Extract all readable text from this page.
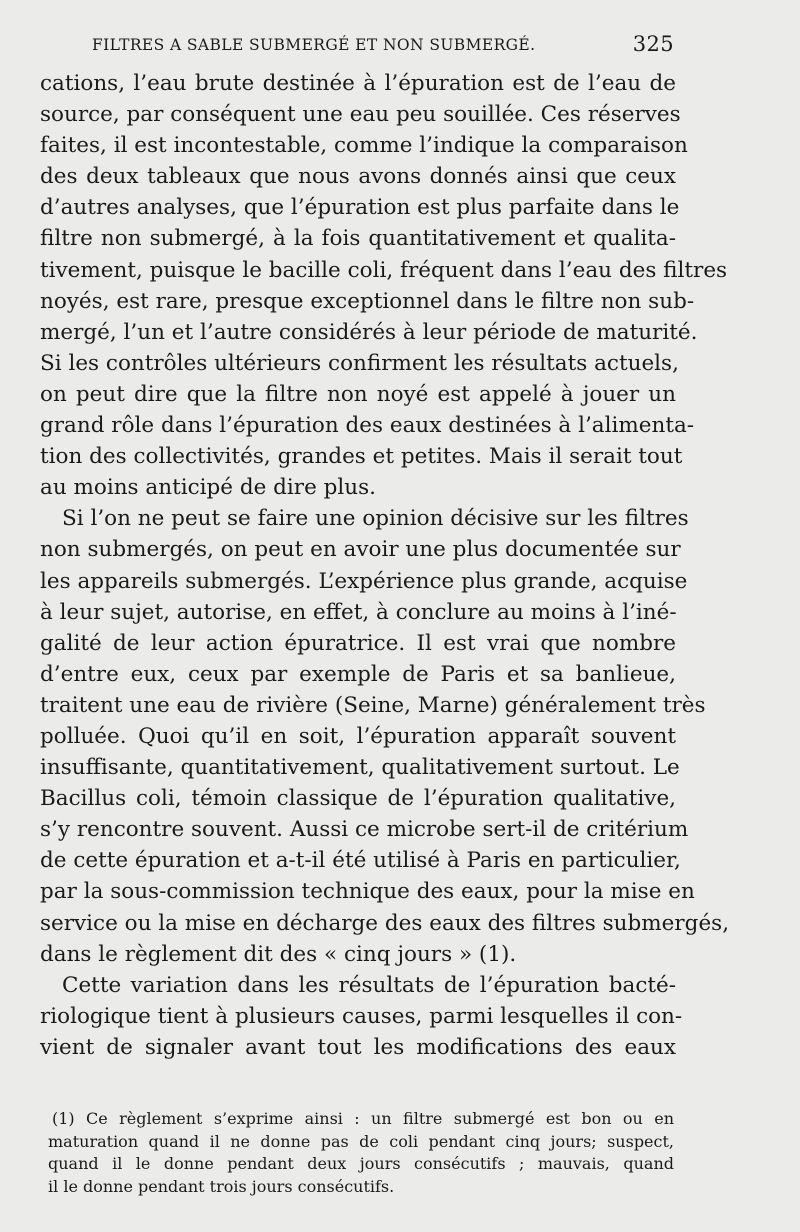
FILTRES A SABLE SUBMERGÉ ET NON SUBMERGÉ.	325
cations, l’eau brute destinée à l’épuration est de l’eau de
source, par conséquent une eau peu souillée. Ces réserves
faites, il est incontestable, comme l’indique la comparaison
des deux tableaux que nous avons donnés ainsi que ceux
d’autres analyses, que l’épuration est plus parfaite dans le
filtre non submergé, à la fois quantitativement et qualita-
tivement, puisque le bacille coli, fréquent dans l’eau des filtres
noyés, est rare, presque exceptionnel dans le filtre non sub-
mergé, l’un et l’autre considérés à leur période de maturité.
Si les contrôles ultérieurs confirment les résultats actuels,
on peut dire que la filtre non noyé est appelé à jouer un
grand rôle dans l’épuration des eaux destinées à l’alimenta-
tion des collectivités, grandes et petites. Mais il serait tout
au moins anticipé de dire plus.
Si l’on ne peut se faire une opinion décisive sur les filtres
non submergés, on peut en avoir une plus documentée sur
les appareils submergés. L’expérience plus grande, acquise
à leur sujet, autorise, en effet, à conclure au moins à l’iné-
galité de leur action épuratrice. Il est vrai que nombre
d’entre eux, ceux par exemple de Paris et sa banlieue,
traitent une eau de rivière (Seine, Marne) généralement très
polluée. Quoi qu’il en soit, l’épuration apparaît souvent
insuffisante, quantitativement, qualitativement surtout. Le
Bacillus coli, témoin classique de l’épuration qualitative,
s’y rencontre souvent. Aussi ce microbe sert-il de critérium
de cette épuration et a-t-il été utilisé à Paris en particulier,
par la sous-commission technique des eaux, pour la mise en
service ou la mise en décharge des eaux des filtres submergés,
dans le règlement dit des « cinq jours » (1).
Cette variation dans les résultats de l’épuration bacté-
riologique tient à plusieurs causes, parmi lesquelles il con-
vient de signaler avant tout les modifications des eaux
(1) Ce règlement s’exprime ainsi : un filtre submergé est bon ou en
maturation quand il ne donne pas de coli pendant cinq jours; suspect,
quand il le donne pendant deux jours consécutifs ; mauvais, quand
il le donne pendant trois jours consécutifs.
